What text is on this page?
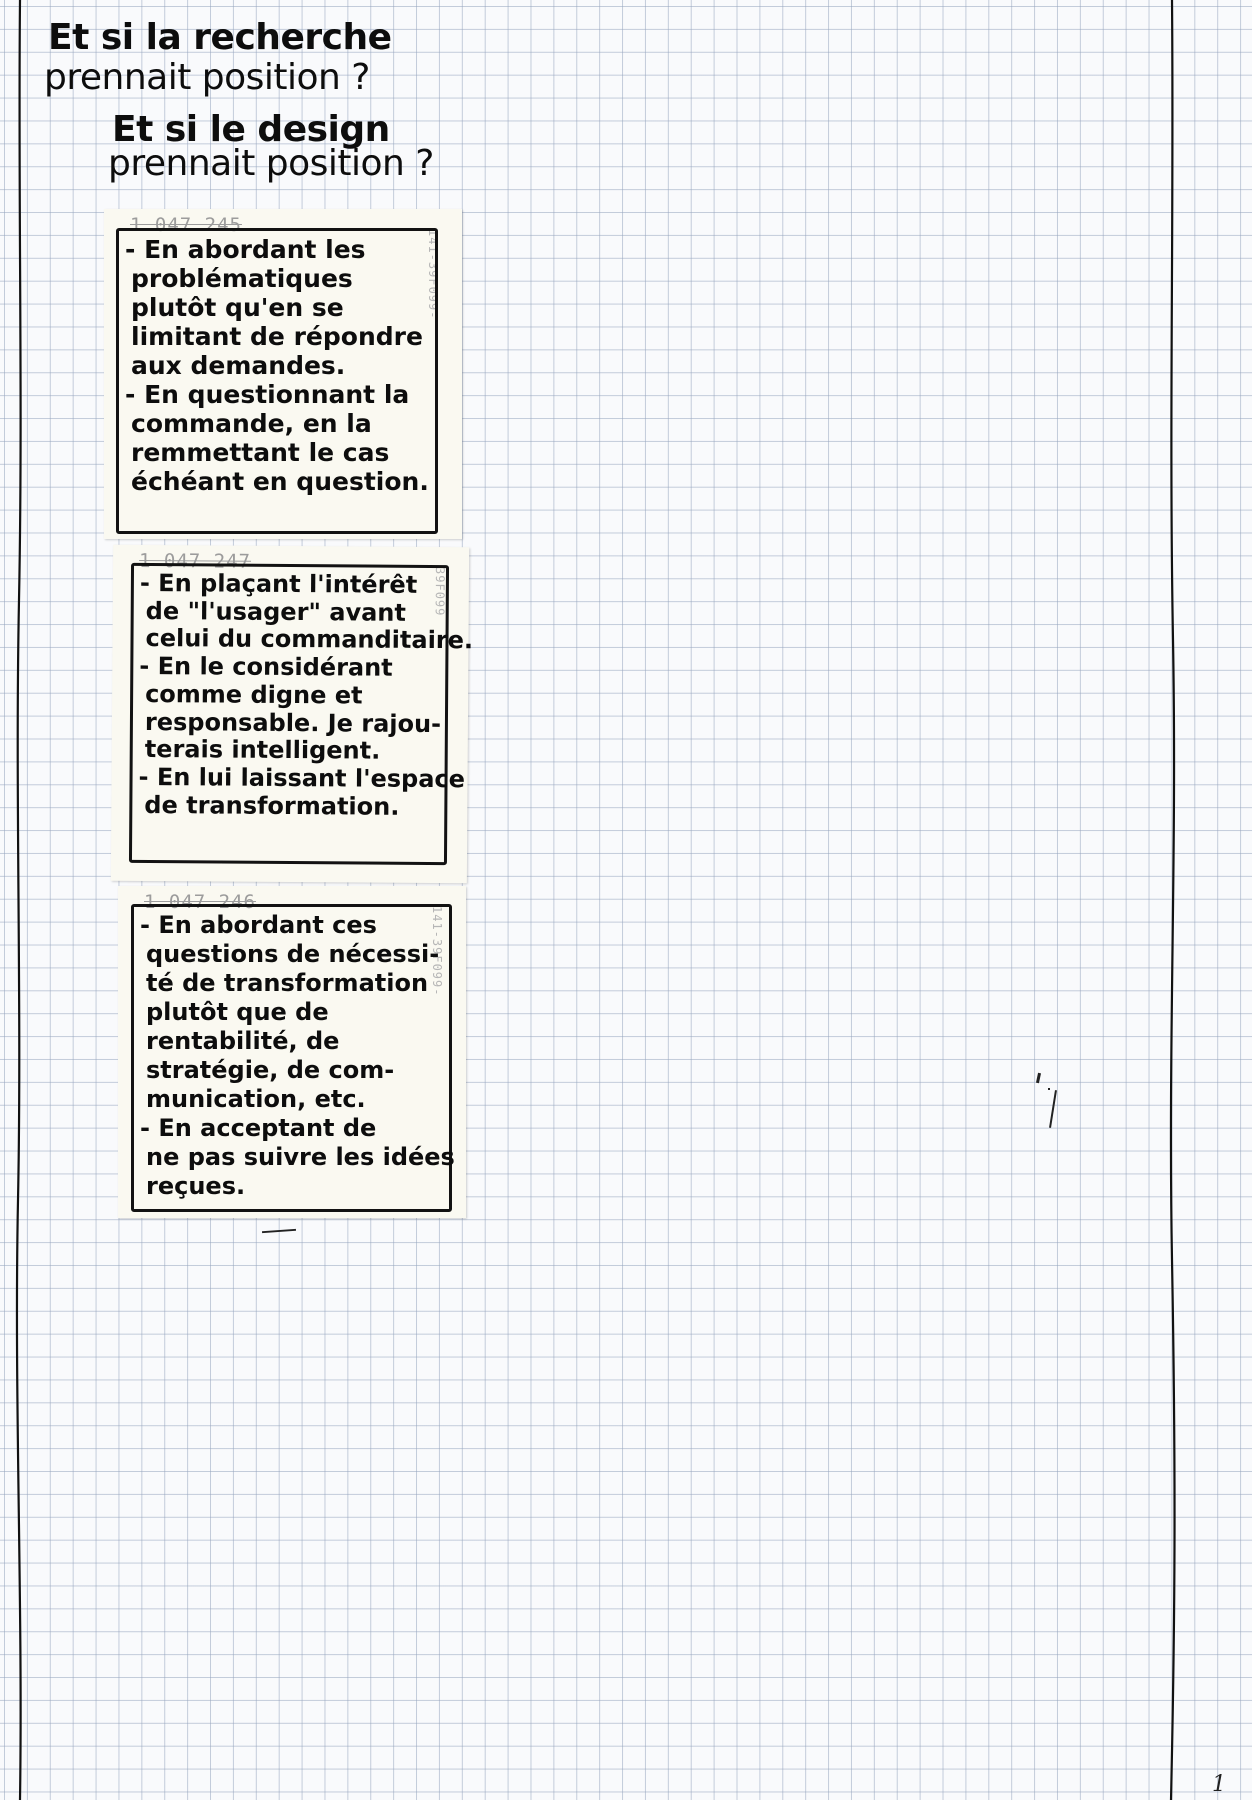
Et si la recherche
prennait position ?
Et si le design
prennait position ?
1 047 245
141-39F099-
- En abordant les
problématiques
plutôt qu'en se
limitant de répondre
aux demandes.
- En questionnant la
commande, en la
remmettant le cas
échéant en question.
1 047 247
39F099
- En plaçant l'intérêt
de "l'usager" avant
celui du commanditaire.
- En le considérant
comme digne et
responsable. Je rajou-
terais intelligent.
- En lui laissant l'espace
de transformation.
1 047 246
141-39F099-
- En abordant ces
questions de nécessi-
té de transformation
plutôt que de
rentabilité, de
stratégie, de com-
munication, etc.
- En acceptant de
ne pas suivre les idées
reçues.
1
